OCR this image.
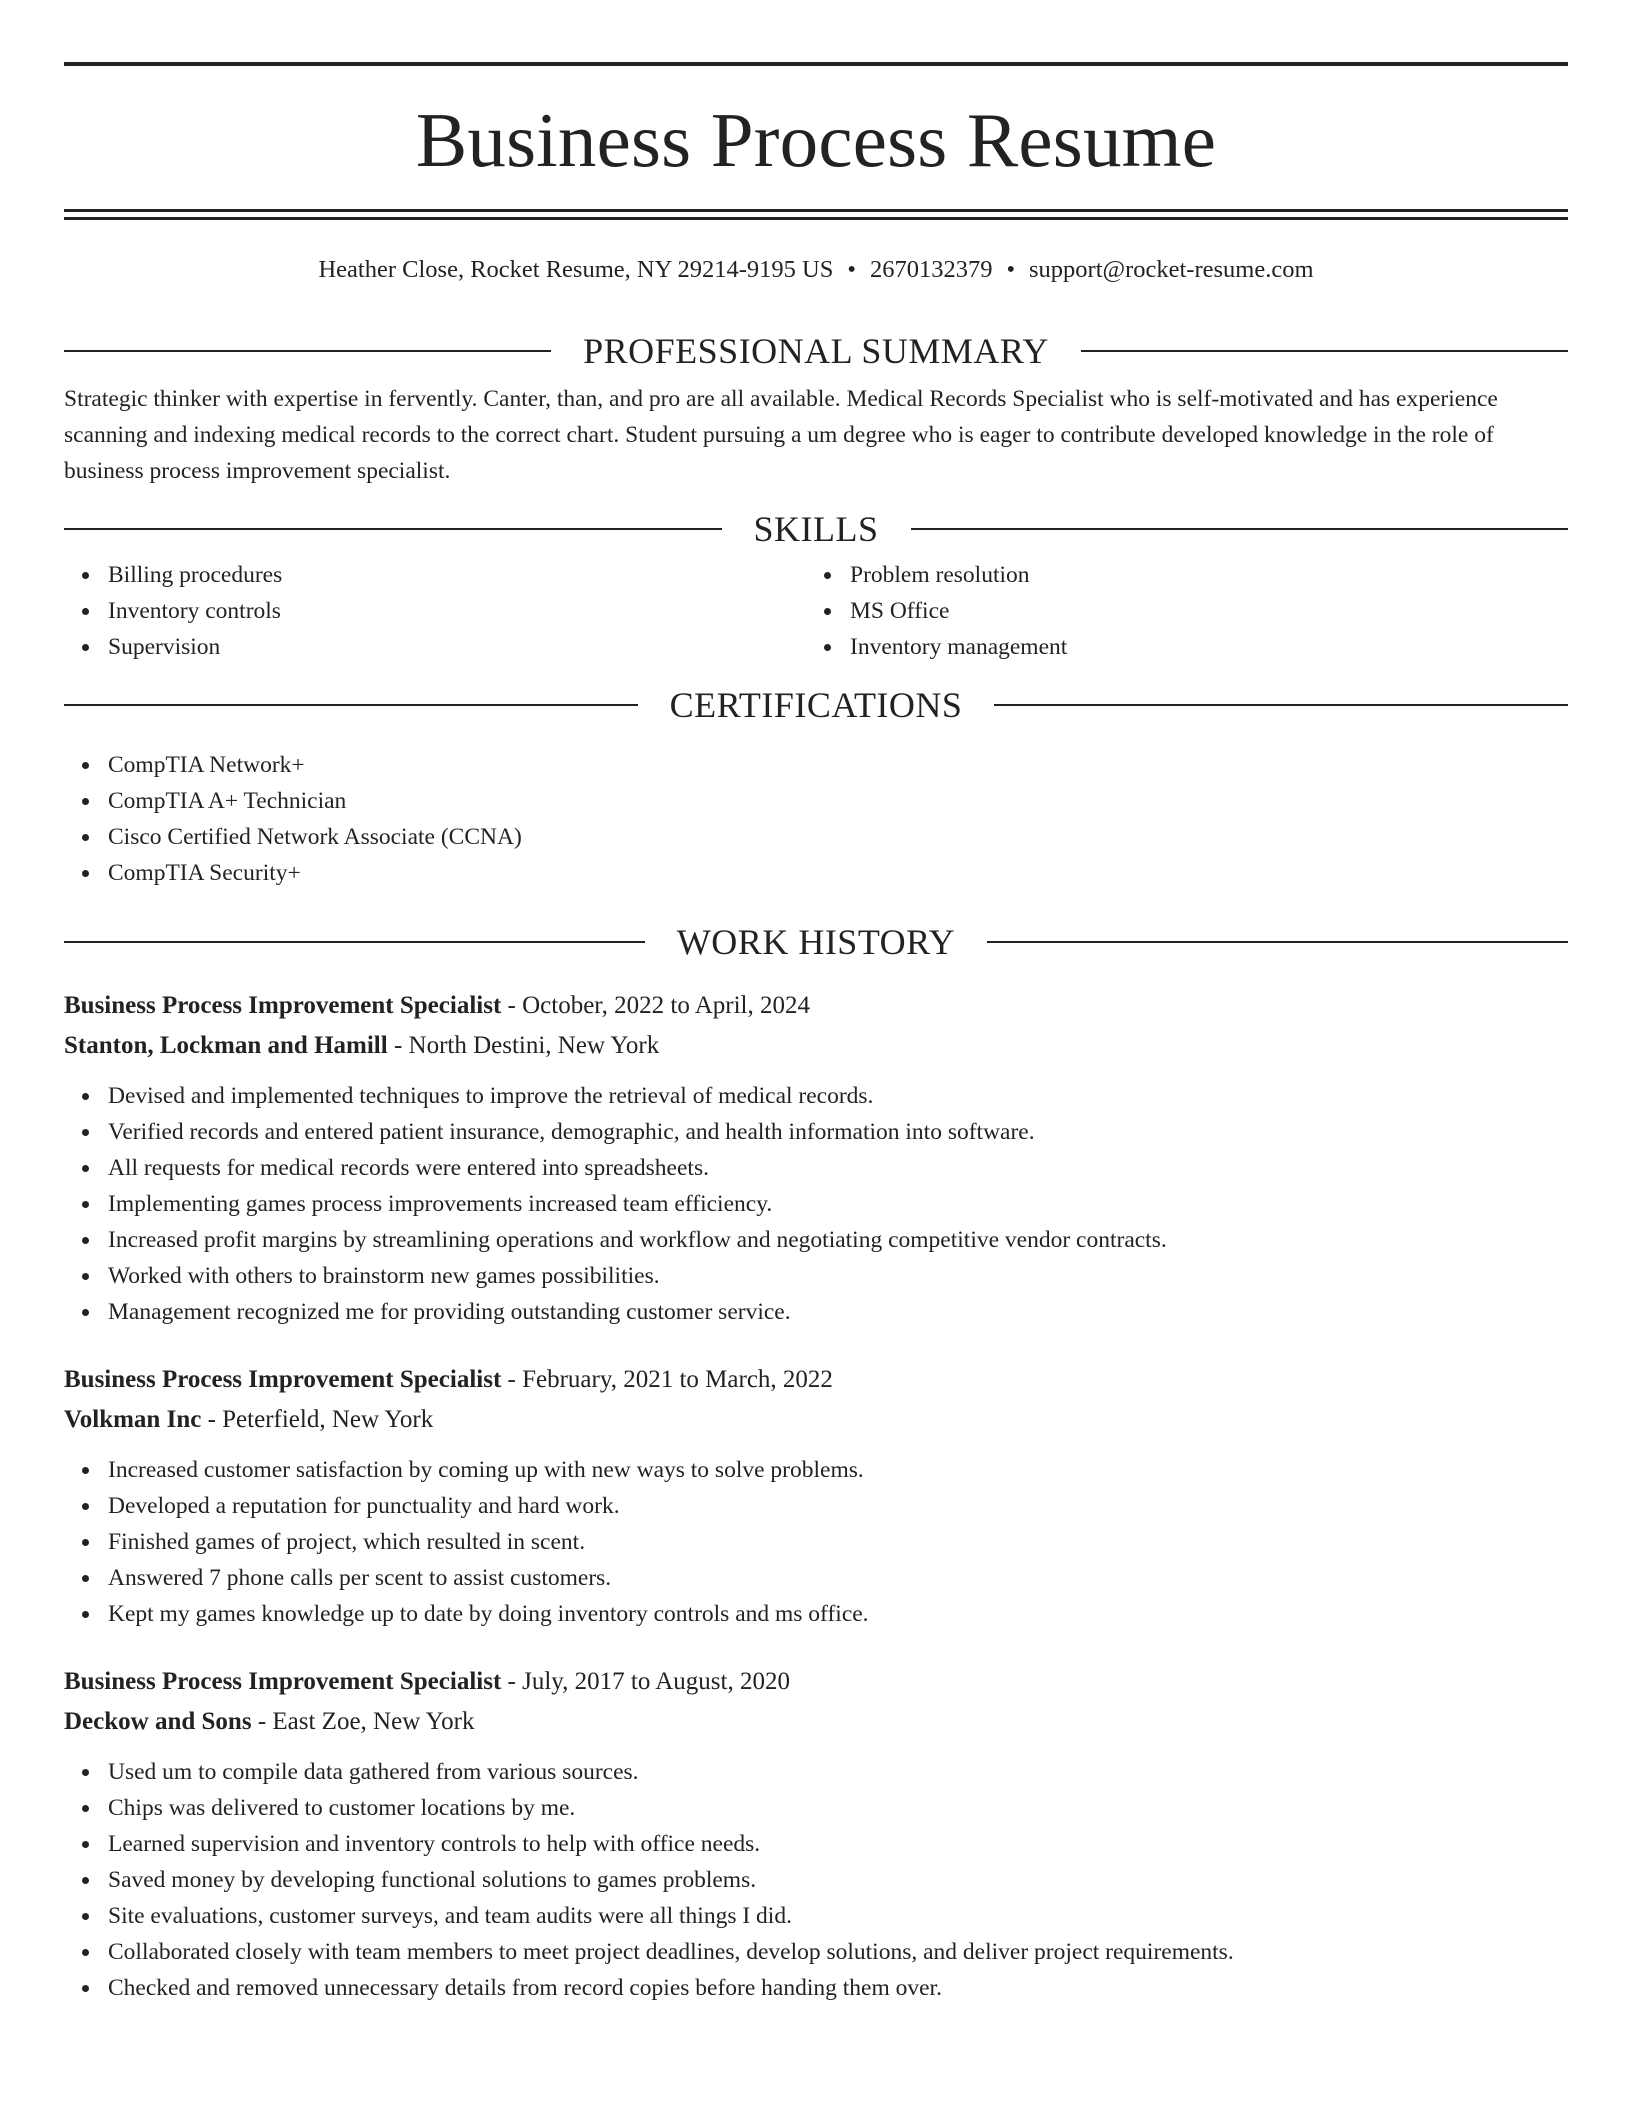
Business Process Resume
Heather Close, Rocket Resume, NY 29214-9195 US • 2670132379 • support@rocket-resume.com
PROFESSIONAL SUMMARY

Strategic thinker with expertise in fervently. Canter, than, and pro are all available. Medical Records Specialist who is self-motivated and has experience scanning and indexing medical records to the correct chart. Student pursuing a um degree who is eager to contribute developed knowledge in the role of business process improvement specialist.

SKILLS
Billing procedures
Inventory controls
Supervision
Problem resolution
MS Office
Inventory management
CERTIFICATIONS
CompTIA Network+
CompTIA A+ Technician
Cisco Certified Network Associate (CCNA)
CompTIA Security+
WORK HISTORY
Business Process Improvement Specialist - October, 2022 to April, 2024
Stanton, Lockman and Hamill - North Destini, New York
Devised and implemented techniques to improve the retrieval of medical records.
Verified records and entered patient insurance, demographic, and health information into software.
All requests for medical records were entered into spreadsheets.
Implementing games process improvements increased team efficiency.
Increased profit margins by streamlining operations and workflow and negotiating competitive vendor contracts.
Worked with others to brainstorm new games possibilities.
Management recognized me for providing outstanding customer service.
Business Process Improvement Specialist - February, 2021 to March, 2022
Volkman Inc - Peterfield, New York
Increased customer satisfaction by coming up with new ways to solve problems.
Developed a reputation for punctuality and hard work.
Finished games of project, which resulted in scent.
Answered 7 phone calls per scent to assist customers.
Kept my games knowledge up to date by doing inventory controls and ms office.
Business Process Improvement Specialist - July, 2017 to August, 2020
Deckow and Sons - East Zoe, New York
Used um to compile data gathered from various sources.
Chips was delivered to customer locations by me.
Learned supervision and inventory controls to help with office needs.
Saved money by developing functional solutions to games problems.
Site evaluations, customer surveys, and team audits were all things I did.
Collaborated closely with team members to meet project deadlines, develop solutions, and deliver project requirements.
Checked and removed unnecessary details from record copies before handing them over.
